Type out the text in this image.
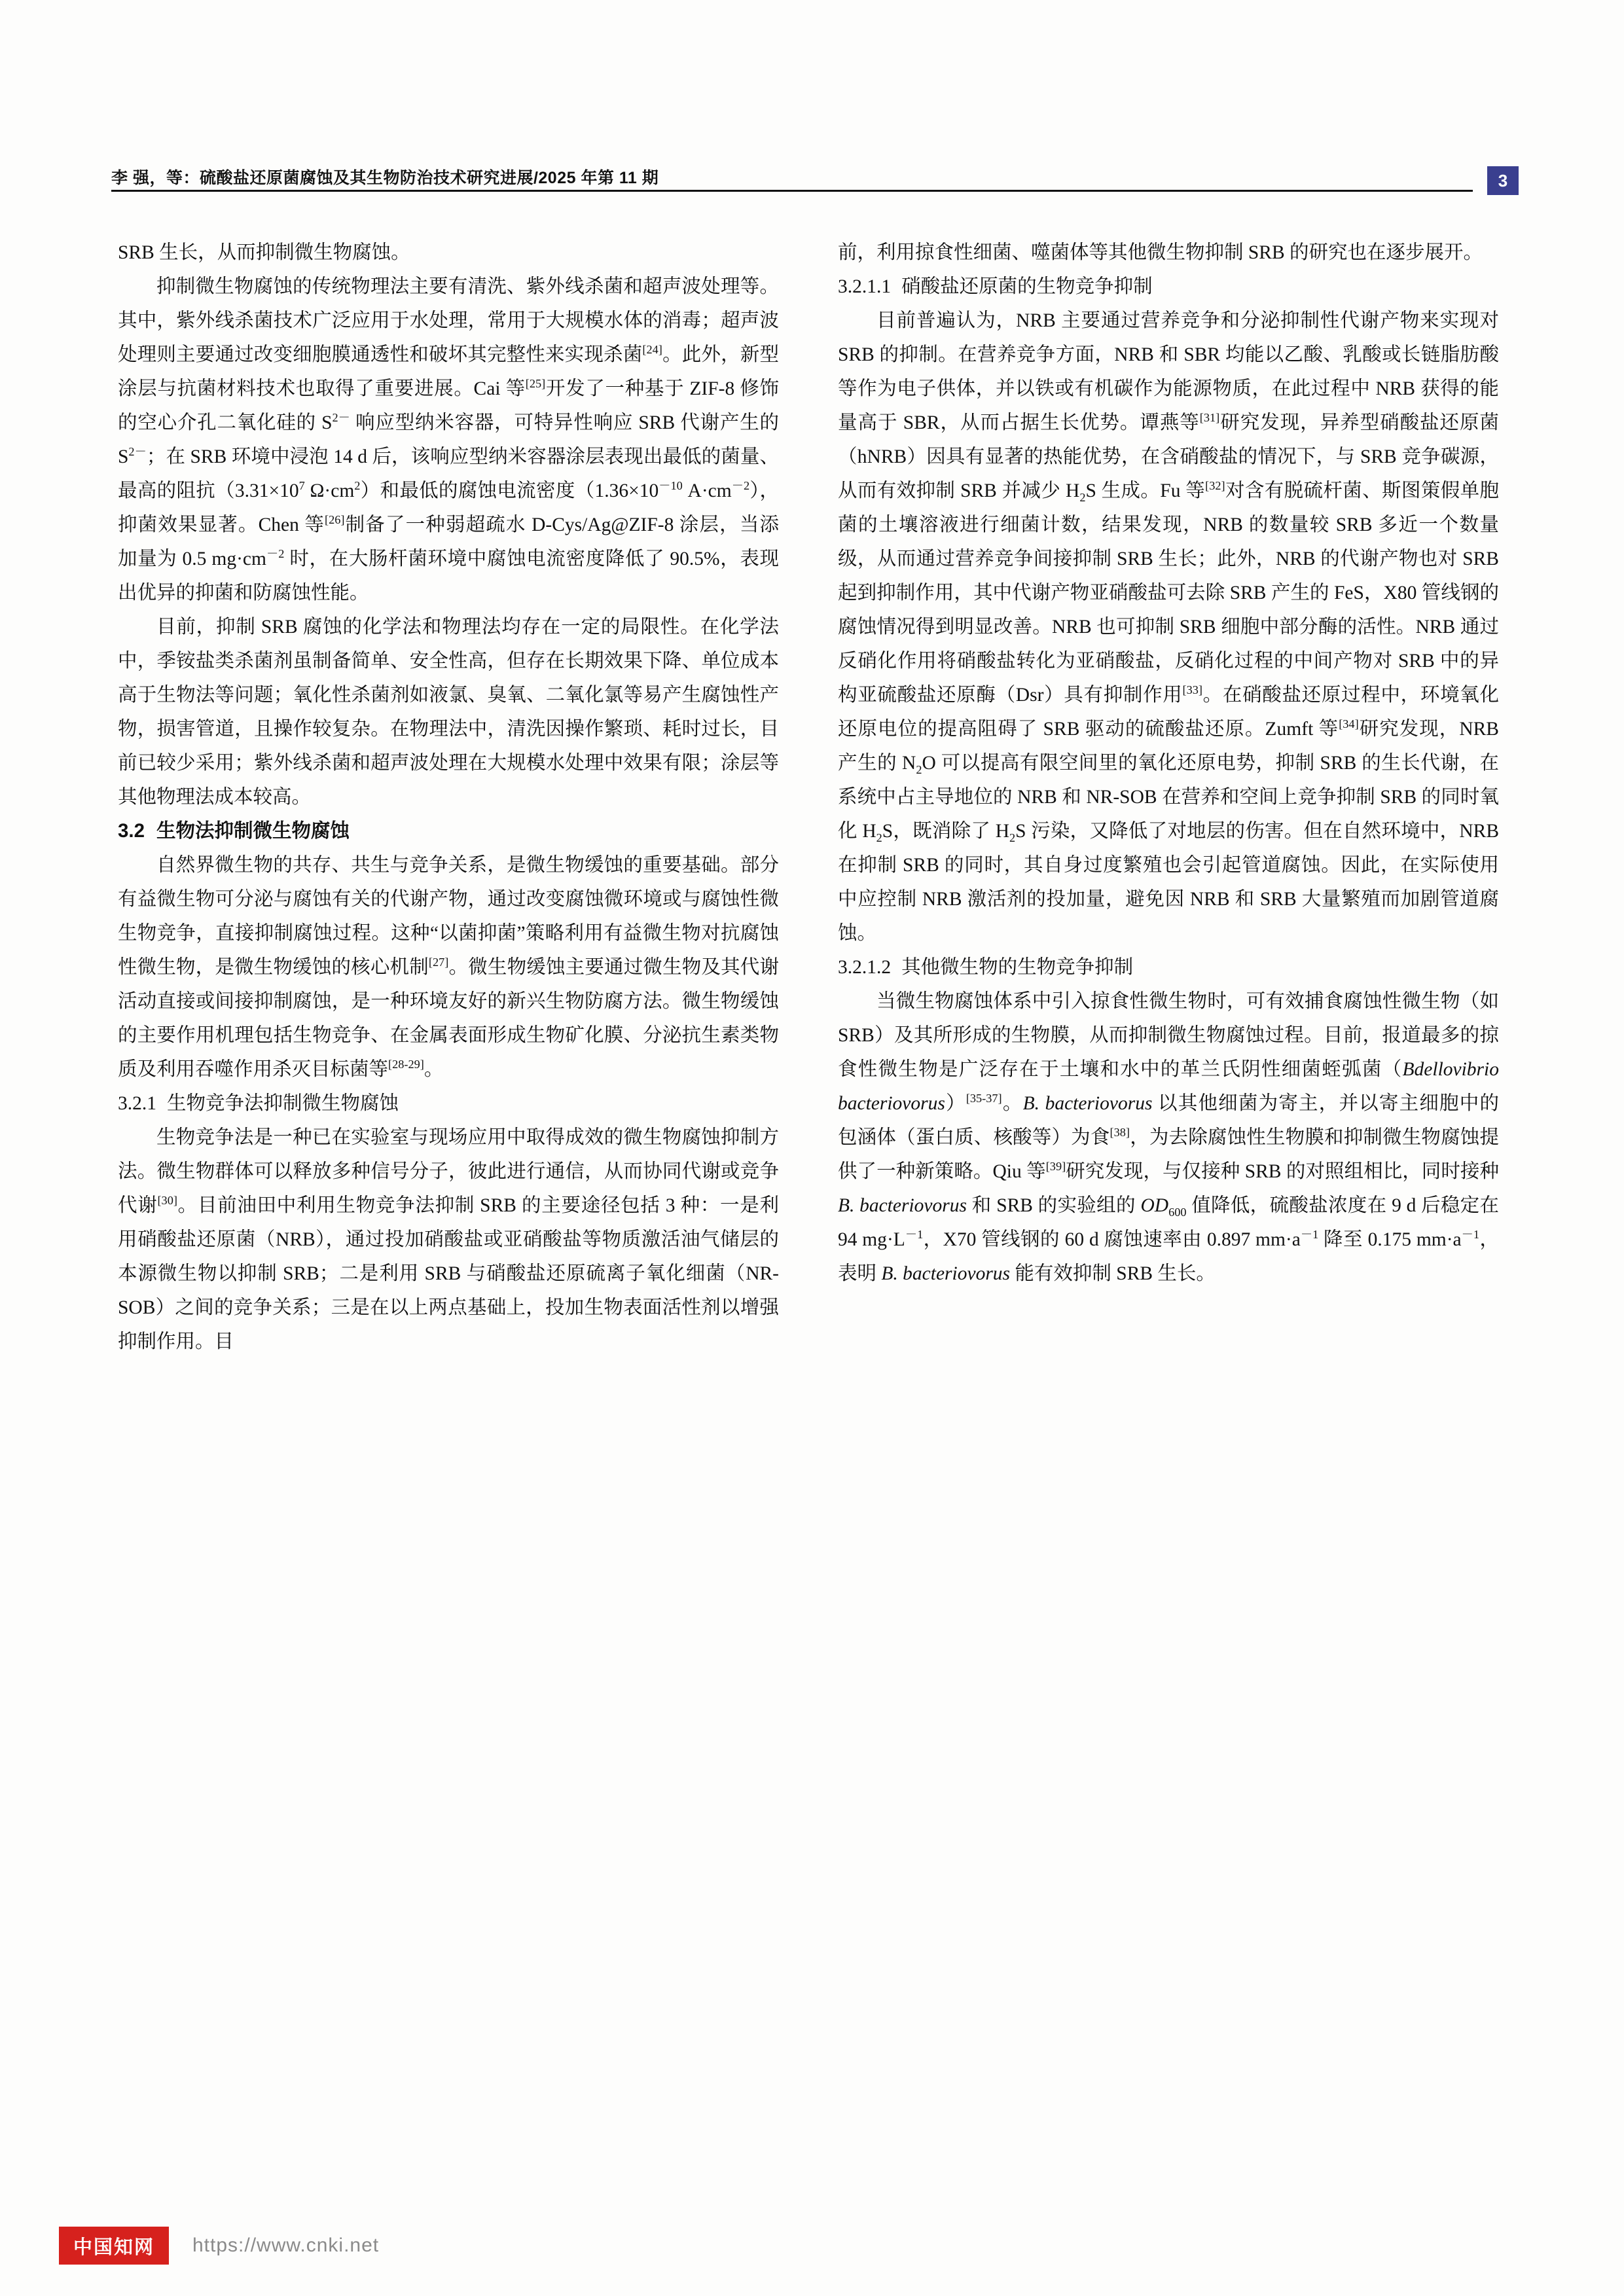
李 强，等：硫酸盐还原菌腐蚀及其生物防治技术研究进展/2025 年第 11 期	3

SRB 生长，从而抑制微生物腐蚀。

抑制微生物腐蚀的传统物理法主要有清洗、紫外线杀菌和超声波处理等。其中，紫外线杀菌技术广泛应用于水处理，常用于大规模水体的消毒；超声波处理则主要通过改变细胞膜通透性和破坏其完整性来实现杀菌[24]。此外，新型涂层与抗菌材料技术也取得了重要进展。Cai 等[25]开发了一种基于 ZIF-8 修饰的空心介孔二氧化硅的 $S^{2-}$ 响应型纳米容器，可特异性响应 SRB 代谢产生的 $S^{2-}$；在 SRB 环境中浸泡 14 d 后，该响应型纳米容器涂层表现出最低的菌量、最高的阻抗（$3.31\times 10^7$ $\Omega\cdot cm^2$）和最低的腐蚀电流密度（$1.36\times 10^{-10}$ $A\cdot cm^{-2}$），抑菌效果显著。Chen 等[26]制备了一种弱超疏水 D-Cys/Ag@ZIF-8 涂层，当添加量为 0.5 $mg\cdot cm^{-2}$ 时，在大肠杆菌环境中腐蚀电流密度降低了 90.5%，表现出优异的抑菌和防腐蚀性能。

目前，抑制 SRB 腐蚀的化学法和物理法均存在一定的局限性。在化学法中，季铵盐类杀菌剂虽制备简单、安全性高，但存在长期效果下降、单位成本高于生物法等问题；氧化性杀菌剂如液氯、臭氧、二氧化氯等易产生腐蚀性产物，损害管道，且操作较复杂。在物理法中，清洗因操作繁琐、耗时过长，目前已较少采用；紫外线杀菌和超声波处理在大规模水处理中效果有限；涂层等其他物理法成本较高。

3.2 生物法抑制微生物腐蚀

自然界微生物的共存、共生与竞争关系，是微生物缓蚀的重要基础。部分有益微生物可分泌与腐蚀有关的代谢产物，通过改变腐蚀微环境或与腐蚀性微生物竞争，直接抑制腐蚀过程。这种“以菌抑菌”策略利用有益微生物对抗腐蚀性微生物，是微生物缓蚀的核心机制[27]。微生物缓蚀主要通过微生物及其代谢活动直接或间接抑制腐蚀，是一种环境友好的新兴生物防腐方法。微生物缓蚀的主要作用机理包括生物竞争、在金属表面形成生物矿化膜、分泌抗生素类物质及利用吞噬作用杀灭目标菌等[28-29]。

3.2.1 生物竞争法抑制微生物腐蚀

生物竞争法是一种已在实验室与现场应用中取得成效的微生物腐蚀抑制方法。微生物群体可以释放多种信号分子，彼此进行通信，从而协同代谢或竞争代谢[30]。目前油田中利用生物竞争法抑制 SRB 的主要途径包括 3 种：一是利用硝酸盐还原菌（NRB），通过投加硝酸盐或亚硝酸盐等物质激活油气储层的本源微生物以抑制 SRB；二是利用 SRB 与硝酸盐还原硫离子氧化细菌（NR-SOB）之间的竞争关系；三是在以上两点基础上，投加生物表面活性剂以增强抑制作用。目

前，利用掠食性细菌、噬菌体等其他微生物抑制 SRB 的研究也在逐步展开。

3.2.1.1 硝酸盐还原菌的生物竞争抑制

目前普遍认为，NRB 主要通过营养竞争和分泌抑制性代谢产物来实现对 SRB 的抑制。在营养竞争方面，NRB 和 SBR 均能以乙酸、乳酸或长链脂肪酸等作为电子供体，并以铁或有机碳作为能源物质，在此过程中 NRB 获得的能量高于 SBR，从而占据生长优势。谭燕等[31]研究发现，异养型硝酸盐还原菌（hNRB）因具有显著的热能优势，在含硝酸盐的情况下，与 SRB 竞争碳源，从而有效抑制 SRB 并减少 $H_2S$ 生成。Fu 等[32]对含有脱硫杆菌、斯图策假单胞菌的土壤溶液进行细菌计数，结果发现，NRB 的数量较 SRB 多近一个数量级，从而通过营养竞争间接抑制 SRB 生长；此外，NRB 的代谢产物也对 SRB 起到抑制作用，其中代谢产物亚硝酸盐可去除 SRB 产生的 FeS，X80 管线钢的腐蚀情况得到明显改善。NRB 也可抑制 SRB 细胞中部分酶的活性。NRB 通过反硝化作用将硝酸盐转化为亚硝酸盐，反硝化过程的中间产物对 SRB 中的异构亚硫酸盐还原酶（Dsr）具有抑制作用[33]。在硝酸盐还原过程中，环境氧化还原电位的提高阻碍了 SRB 驱动的硫酸盐还原。Zumft 等[34]研究发现，NRB 产生的 $N_2O$ 可以提高有限空间里的氧化还原电势，抑制 SRB 的生长代谢，在系统中占主导地位的 NRB 和 NR-SOB 在营养和空间上竞争抑制 SRB 的同时氧化 $H_2S$，既消除了 $H_2S$ 污染，又降低了对地层的伤害。但在自然环境中，NRB 在抑制 SRB 的同时，其自身过度繁殖也会引起管道腐蚀。因此，在实际使用中应控制 NRB 激活剂的投加量，避免因 NRB 和 SRB 大量繁殖而加剧管道腐蚀。

3.2.1.2 其他微生物的生物竞争抑制

当微生物腐蚀体系中引入掠食性微生物时，可有效捕食腐蚀性微生物（如 SRB）及其所形成的生物膜，从而抑制微生物腐蚀过程。目前，报道最多的掠食性微生物是广泛存在于土壤和水中的革兰氏阴性细菌蛭弧菌（Bdellovibrio bacteriovorus）[35-37]。B. bacteriovorus 以其他细菌为寄主，并以寄主细胞中的包涵体（蛋白质、核酸等）为食[38]，为去除腐蚀性生物膜和抑制微生物腐蚀提供了一种新策略。Qiu 等[39]研究发现，与仅接种 SRB 的对照组相比，同时接种 B. bacteriovorus 和 SRB 的实验组的 $OD_{600}$ 值降低，硫酸盐浓度在 9 d 后稳定在 94 $mg\cdot L^{-1}$，X70 管线钢的 60 d 腐蚀速率由 0.897 $mm\cdot a^{-1}$ 降至 0.175 $mm\cdot a^{-1}$，表明 B. bacteriovorus 能有效抑制 SRB 生长。

中国知网	https://www.cnki.net
